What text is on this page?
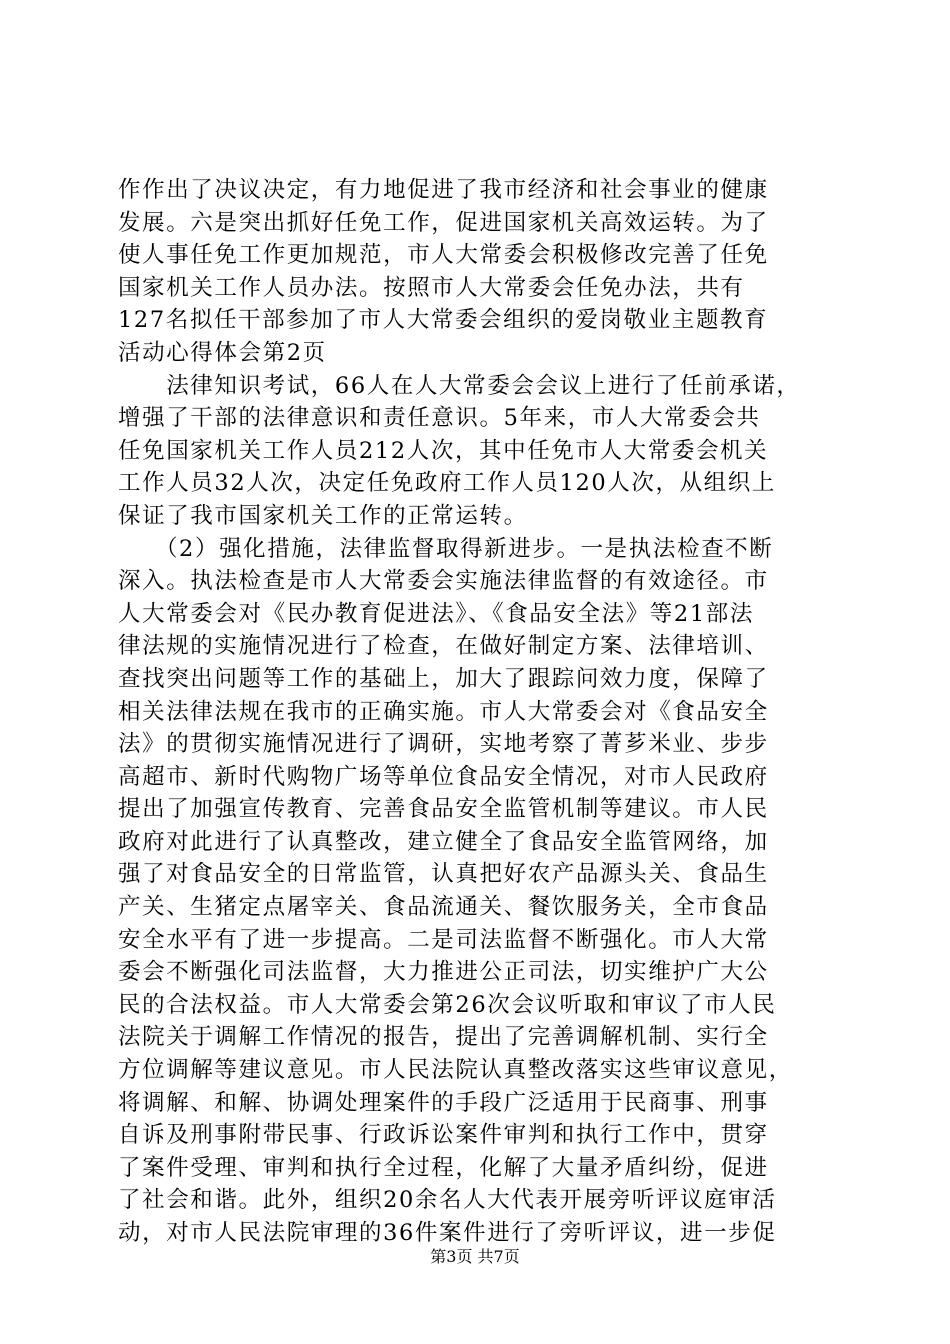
作作出了决议决定，有力地促进了我市经济和社会事业的健康
发展。六是突出抓好任免工作，促进国家机关高效运转。为了
使人事任免工作更加规范，市人大常委会积极修改完善了任免
国家机关工作人员办法。按照市人大常委会任免办法，共有
127名拟任干部参加了市人大常委会组织的爱岗敬业主题教育
活动心得体会第2页
　　法律知识考试，66人在人大常委会会议上进行了任前承诺，
增强了干部的法律意识和责任意识。5年来，市人大常委会共
任免国家机关工作人员212人次，其中任免市人大常委会机关
工作人员32人次，决定任免政府工作人员120人次，从组织上
保证了我市国家机关工作的正常运转。
　　（2）强化措施，法律监督取得新进步。一是执法检查不断
深入。执法检查是市人大常委会实施法律监督的有效途径。市
人大常委会对《民办教育促进法》、《食品安全法》等21部法
律法规的实施情况进行了检查，在做好制定方案、法律培训、
查找突出问题等工作的基础上，加大了跟踪问效力度，保障了
相关法律法规在我市的正确实施。市人大常委会对《食品安全
法》的贯彻实施情况进行了调研，实地考察了菁芗米业、步步
高超市、新时代购物广场等单位食品安全情况，对市人民政府
提出了加强宣传教育、完善食品安全监管机制等建议。市人民
政府对此进行了认真整改，建立健全了食品安全监管网络，加
强了对食品安全的日常监管，认真把好农产品源头关、食品生
产关、生猪定点屠宰关、食品流通关、餐饮服务关，全市食品
安全水平有了进一步提高。二是司法监督不断强化。市人大常
委会不断强化司法监督，大力推进公正司法，切实维护广大公
民的合法权益。市人大常委会第26次会议听取和审议了市人民
法院关于调解工作情况的报告，提出了完善调解机制、实行全
方位调解等建议意见。市人民法院认真整改落实这些审议意见，
将调解、和解、协调处理案件的手段广泛适用于民商事、刑事
自诉及刑事附带民事、行政诉讼案件审判和执行工作中，贯穿
了案件受理、审判和执行全过程，化解了大量矛盾纠纷，促进
了社会和谐。此外，组织20余名人大代表开展旁听评议庭审活
动，对市人民法院审理的36件案件进行了旁听评议，进一步促
第3页 共7页
